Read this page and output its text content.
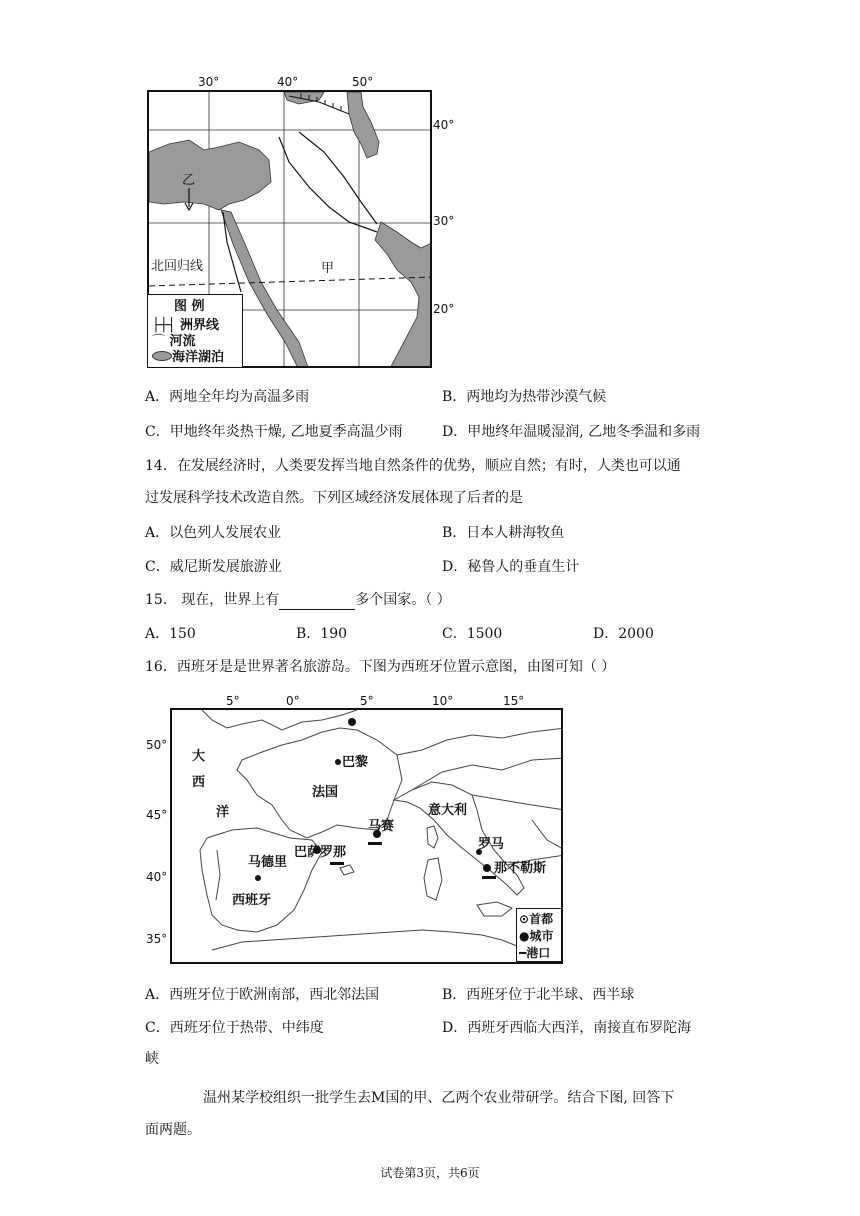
30°	40°	50°
40°
30°
20°
北回归线	甲
乙
图 例
├┼┤ 洲界线
⌒ 河流
海洋湖泊
A．两地全年均为高温多雨	B．两地均为热带沙漠气候
C．甲地终年炎热干燥, 乙地夏季高温少雨	D．甲地终年温暖湿润, 乙地冬季温和多雨
14．在发展经济时，人类要发挥当地自然条件的优势，顺应自然；有时，人类也可以通
过发展科学技术改造自然。下列区域经济发展体现了后者的是
A．以色列人发展农业	B．日本人耕海牧鱼
C．威尼斯发展旅游业	D．秘鲁人的垂直生计
15． 现在，世界上有	多个国家。（ ）
A．150	B．190	C．1500	D．2000
16．西班牙是是世界著名旅游岛。下图为西班牙位置示意图，由图可知（ ）
5°	0°	5°	10°	15°
50°
45°
40°
35°
大
西
洋
法国
意大利
西班牙
巴黎
马赛
巴萨罗那
马德里
罗马
那不勒斯
⊙首都
●城市
━港口
A．西班牙位于欧洲南部，西北邻法国	B．西班牙位于北半球、西半球
C．西班牙位于热带、中纬度	D．西班牙西临大西洋，南接直布罗陀海
峡
温州某学校组织一批学生去M国的甲、乙两个农业带研学。结合下图, 回答下
面两题。
试卷第3页，共6页
